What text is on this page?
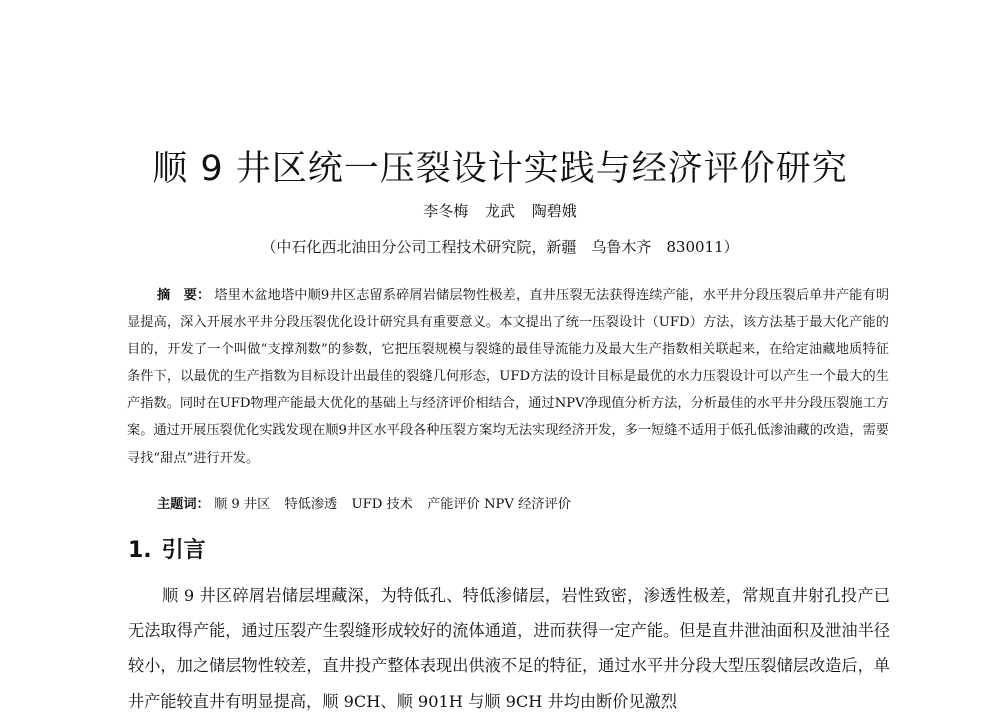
顺 9 井区统一压裂设计实践与经济评价研究
李冬梅 龙武 陶碧娥
（中石化西北油田分公司工程技术研究院，新疆　乌鲁木齐　830011）

摘　要： 塔里木盆地塔中顺9井区志留系碎屑岩储层物性极差，直井压裂无法获得连续产能，水平井分段压裂后单井产能有明显提高，深入开展水平井分段压裂优化设计研究具有重要意义。本文提出了统一压裂设计（UFD）方法，该方法基于最大化产能的目的，开发了一个叫做“支撑剂数”的参数，它把压裂规模与裂缝的最佳导流能力及最大生产指数相关联起来，在给定油藏地质特征条件下，以最优的生产指数为目标设计出最佳的裂缝几何形态，UFD方法的设计目标是最优的水力压裂设计可以产生一个最大的生产指数。同时在UFD物理产能最大优化的基础上与经济评价相结合，通过NPV净现值分析方法，分析最佳的水平井分段压裂施工方案。通过开展压裂优化实践发现在顺9井区水平段各种压裂方案均无法实现经济开发，多一短缝不适用于低孔低渗油藏的改造，需要寻找“甜点”进行开发。

主题词： 顺 9 井区 特低渗透 UFD 技术 产能评价 NPV 经济评价

1. 引言

顺 9 井区碎屑岩储层埋藏深，为特低孔、特低渗储层，岩性致密，渗透性极差，常规直井射孔投产已无法取得产能，通过压裂产生裂缝形成较好的流体通道，进而获得一定产能。但是直井泄油面积及泄油半径较小，加之储层物性较差，直井投产整体表现出供液不足的特征，通过水平井分段大型压裂储层改造后，单井产能较直井有明显提高，顺 9CH、顺 901H 与顺 9CH 井均由断价见激烈
